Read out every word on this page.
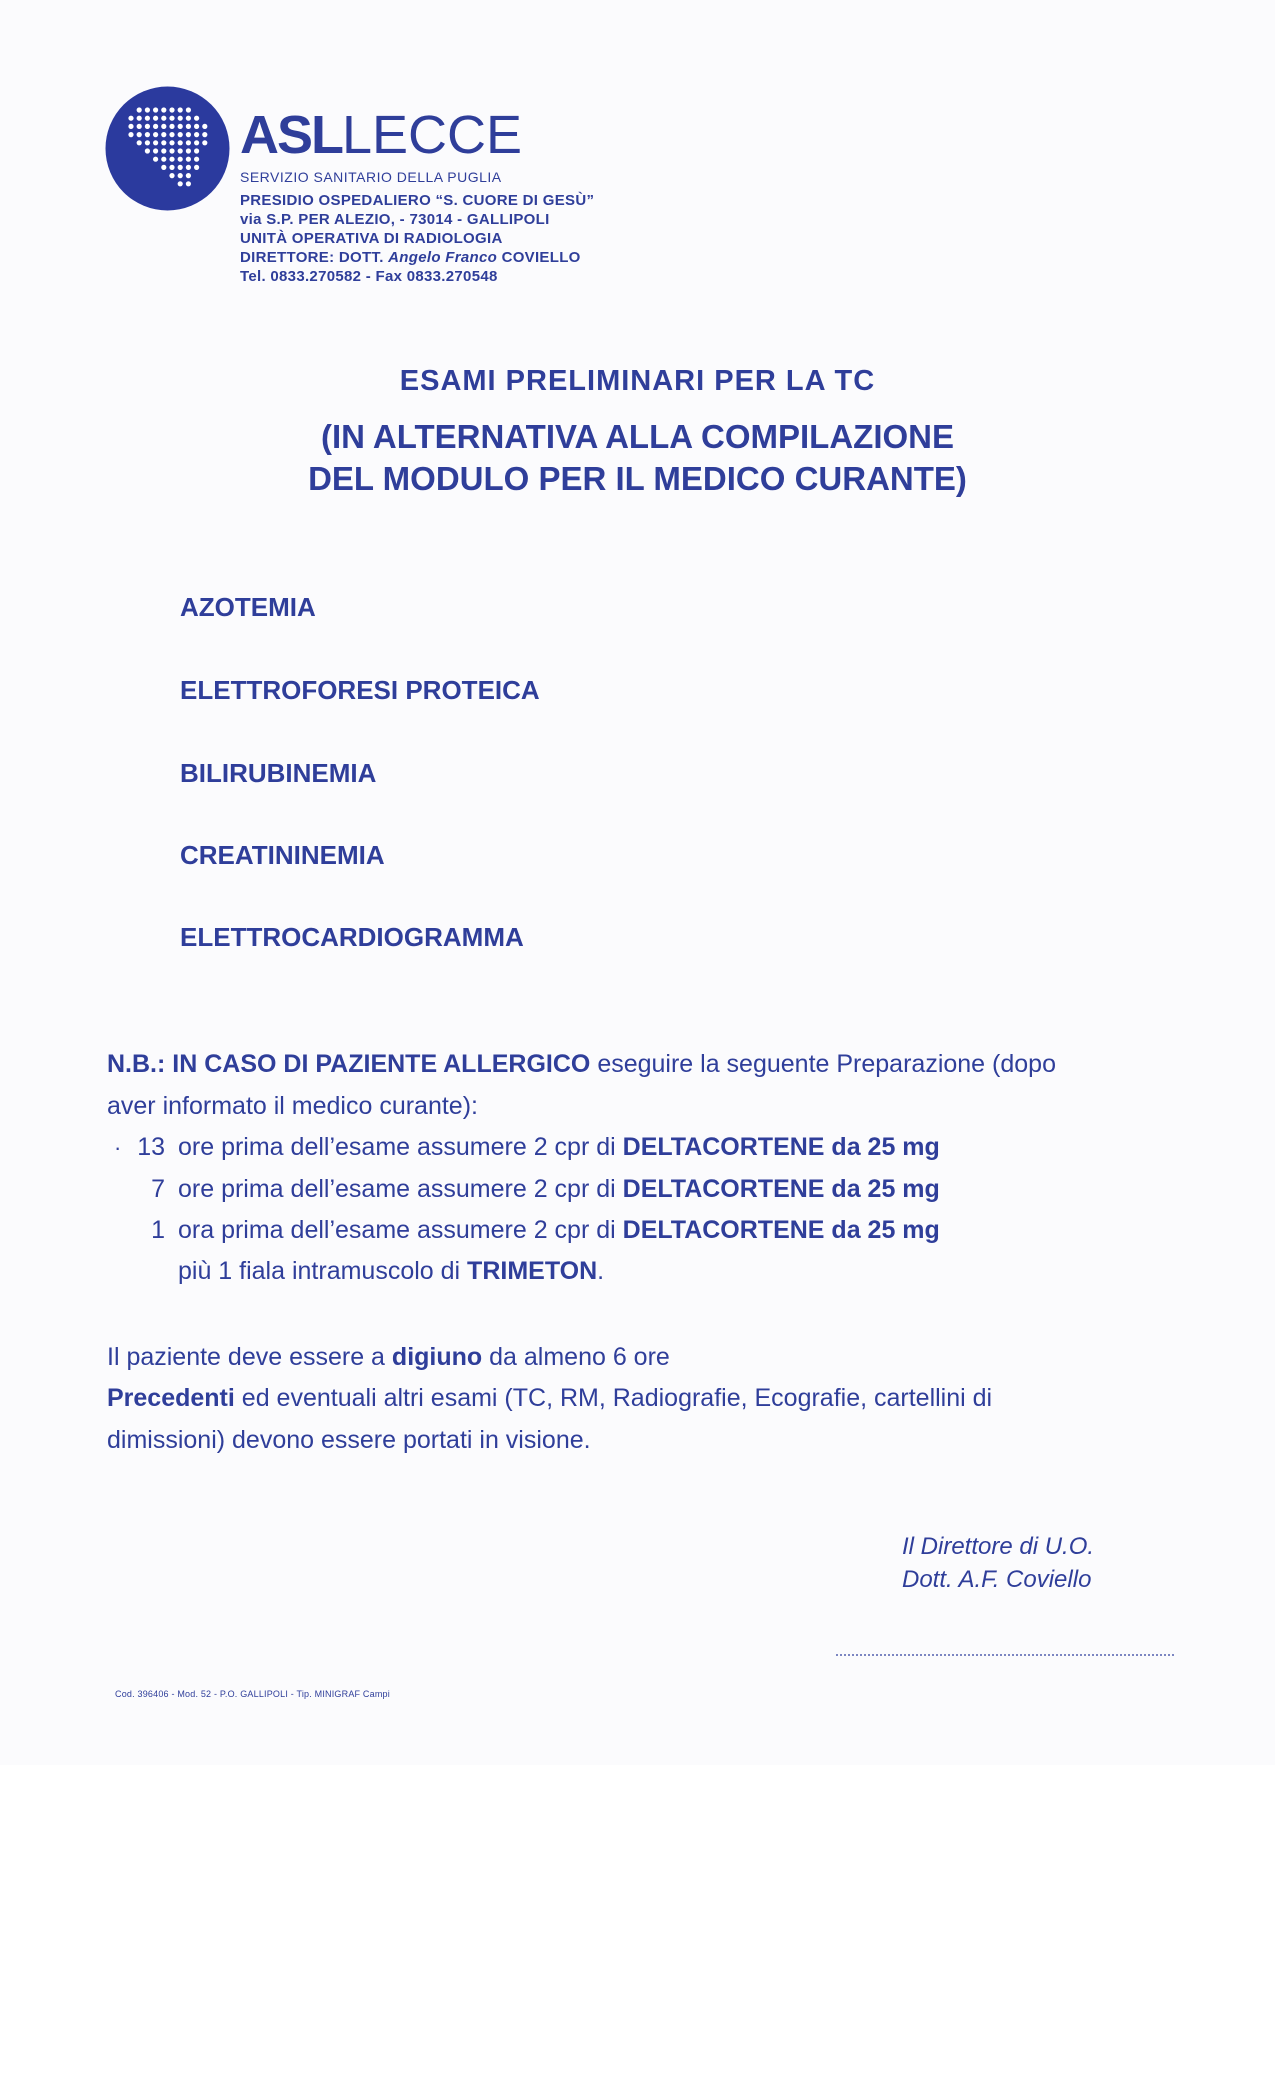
ASLLECCE
SERVIZIO SANITARIO DELLA PUGLIA
PRESIDIO OSPEDALIERO “S. CUORE DI GESÙ”
via S.P. PER ALEZIO, - 73014 - GALLIPOLI
UNITÀ OPERATIVA DI RADIOLOGIA
DIRETTORE: DOTT. Angelo Franco COVIELLO
Tel. 0833.270582 - Fax 0833.270548
ESAMI PRELIMINARI PER LA TC
(IN ALTERNATIVA ALLA COMPILAZIONE
DEL MODULO PER IL MEDICO CURANTE)
AZOTEMIA
ELETTROFORESI PROTEICA
BILIRUBINEMIA
CREATININEMIA
ELETTROCARDIOGRAMMA
N.B.: IN CASO DI PAZIENTE ALLERGICO eseguire la seguente Preparazione (dopo
aver informato il medico curante):
· 13 ore prima dell’esame assumere 2 cpr di DELTACORTENE da 25 mg
7 ore prima dell’esame assumere 2 cpr di DELTACORTENE da 25 mg
1 ora prima dell’esame assumere 2 cpr di DELTACORTENE da 25 mg
più 1 fiala intramuscolo di TRIMETON.
Il paziente deve essere a digiuno da almeno 6 ore
Precedenti ed eventuali altri esami (TC, RM, Radiografie, Ecografie, cartellini di
dimissioni) devono essere portati in visione.
Il Direttore di U.O.
Dott. A.F. Coviello
Cod. 396406 - Mod. 52 - P.O. GALLIPOLI - Tip. MINIGRAF Campi
